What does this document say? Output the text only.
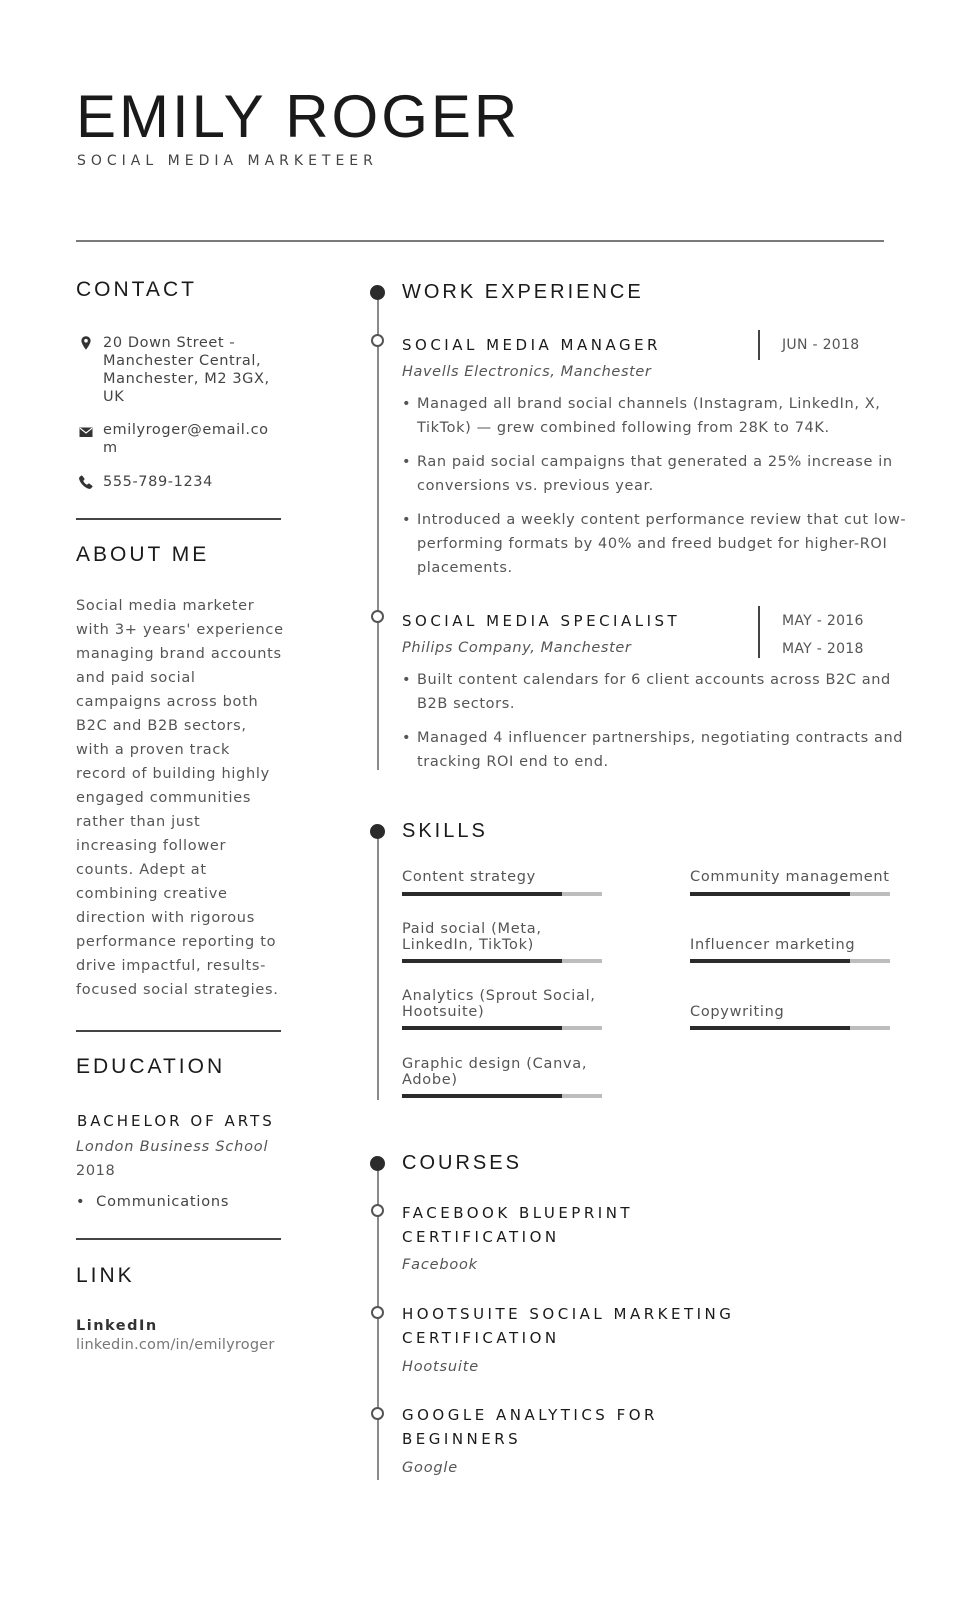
EMILY ROGER
SOCIAL MEDIA MARKETEER
CONTACT
20 Down Street -
Manchester Central,
Manchester, M2 3GX,
UK
emilyroger@email.co
m
555-789-1234
ABOUT ME
Social media marketer
with 3+ years' experience
managing brand accounts
and paid social
campaigns across both
B2C and B2B sectors,
with a proven track
record of building highly
engaged communities
rather than just
increasing follower
counts. Adept at
combining creative
direction with rigorous
performance reporting to
drive impactful, results-
focused social strategies.
EDUCATION
BACHELOR OF ARTS
London Business School
2018
•  Communications
LINK
LinkedIn
linkedin.com/in/emilyroger
WORK EXPERIENCE
SOCIAL MEDIA MANAGER	JUN - 2018
Havells Electronics, Manchester
• Managed all brand social channels (Instagram, LinkedIn, X,
TikTok) — grew combined following from 28K to 74K.
• Ran paid social campaigns that generated a 25% increase in
conversions vs. previous year.
• Introduced a weekly content performance review that cut low-
performing formats by 40% and freed budget for higher-ROI
placements.
SOCIAL MEDIA SPECIALIST	MAY - 2016
MAY - 2018
Philips Company, Manchester
• Built content calendars for 6 client accounts across B2C and
B2B sectors.
• Managed 4 influencer partnerships, negotiating contracts and
tracking ROI end to end.
SKILLS
Content strategy	Community management
Paid social (Meta,
LinkedIn, TikTok)	Influencer marketing
Analytics (Sprout Social,
Hootsuite)	Copywriting
Graphic design (Canva,
Adobe)
COURSES
FACEBOOK BLUEPRINT
CERTIFICATION
Facebook
HOOTSUITE SOCIAL MARKETING
CERTIFICATION
Hootsuite
GOOGLE ANALYTICS FOR
BEGINNERS
Google
